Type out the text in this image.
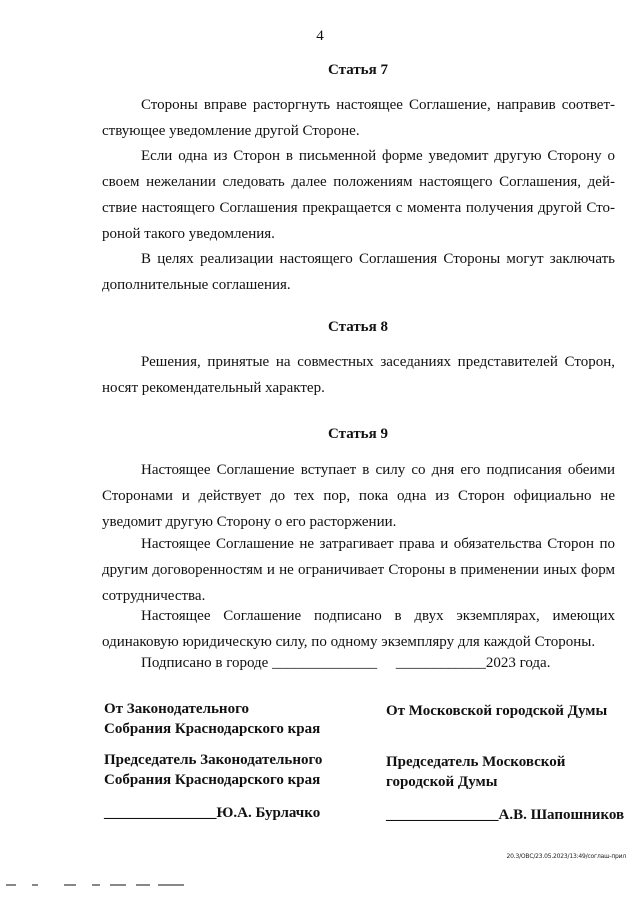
4
Статья 7

Стороны вправе расторгнуть настоящее Соглашение, направив соответствующее уведомление другой Стороне.

Если одна из Сторон в письменной форме уведомит другую Сторону о своем нежелании следовать далее положениям настоящего Соглашения, действие настоящего Соглашения прекращается с момента получения другой Стороной такого уведомления.

В целях реализации настоящего Соглашения Стороны могут заключать дополнительные соглашения.

Статья 8

Решения, принятые на совместных заседаниях представителей Сторон, носят рекомендательный характер.

Статья 9

Настоящее Соглашение вступает в силу со дня его подписания обеими Сторонами и действует до тех пор, пока одна из Сторон официально не уведомит другую Сторону о его расторжении.

Настоящее Соглашение не затрагивает права и обязательства Сторон по другим договоренностям и не ограничивает Стороны в применении иных форм сотрудничества.

Настоящее Соглашение подписано в двух экземплярах, имеющих одинаковую юридическую силу, по одному экземпляру для каждой Стороны.

Подписано в городе ______________     ____________2023 года.
От Законодательного
Собрания Краснодарского края
Председатель Законодательного
Собрания Краснодарского края
_______________Ю.А. Бурлачко
От Московской городской Думы
Председатель Московской
городской Думы
_______________А.В. Шапошников
20.3/ОВС/23.05.2023/13:49/соглаш-прил
